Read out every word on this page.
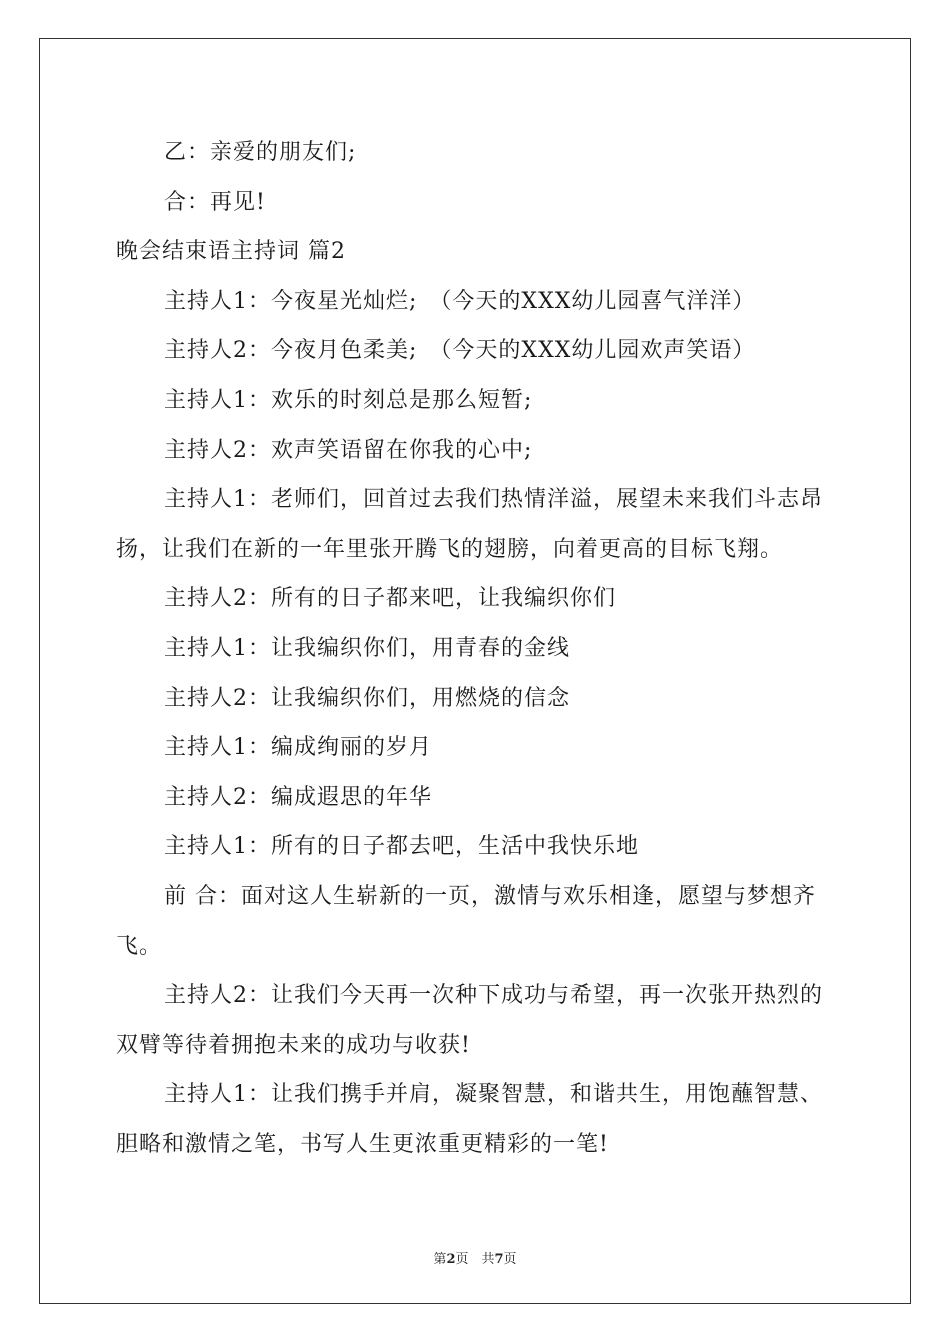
乙：亲爱的朋友们;

合：再见!

晚会结束语主持词 篇2

主持人1：今夜星光灿烂;　（今天的XXX幼儿园喜气洋洋）

主持人2：今夜月色柔美;　（今天的XXX幼儿园欢声笑语）

主持人1：欢乐的时刻总是那么短暂;

主持人2：欢声笑语留在你我的心中;

主持人1：老师们，回首过去我们热情洋溢，展望未来我们斗志昂扬，让我们在新的一年里张开腾飞的翅膀，向着更高的目标飞翔。

主持人2：所有的日子都来吧，让我编织你们

主持人1：让我编织你们，用青春的金线

主持人2：让我编织你们，用燃烧的信念

主持人1：编成绚丽的岁月

主持人2：编成遐思的年华

主持人1：所有的日子都去吧，生活中我快乐地

前 合：面对这人生崭新的一页，激情与欢乐相逢，愿望与梦想齐飞。

主持人2：让我们今天再一次种下成功与希望，再一次张开热烈的双臂等待着拥抱未来的成功与收获!

主持人1：让我们携手并肩，凝聚智慧，和谐共生，用饱蘸智慧、胆略和激情之笔，书写人生更浓重更精彩的一笔!

第2页　共7页
